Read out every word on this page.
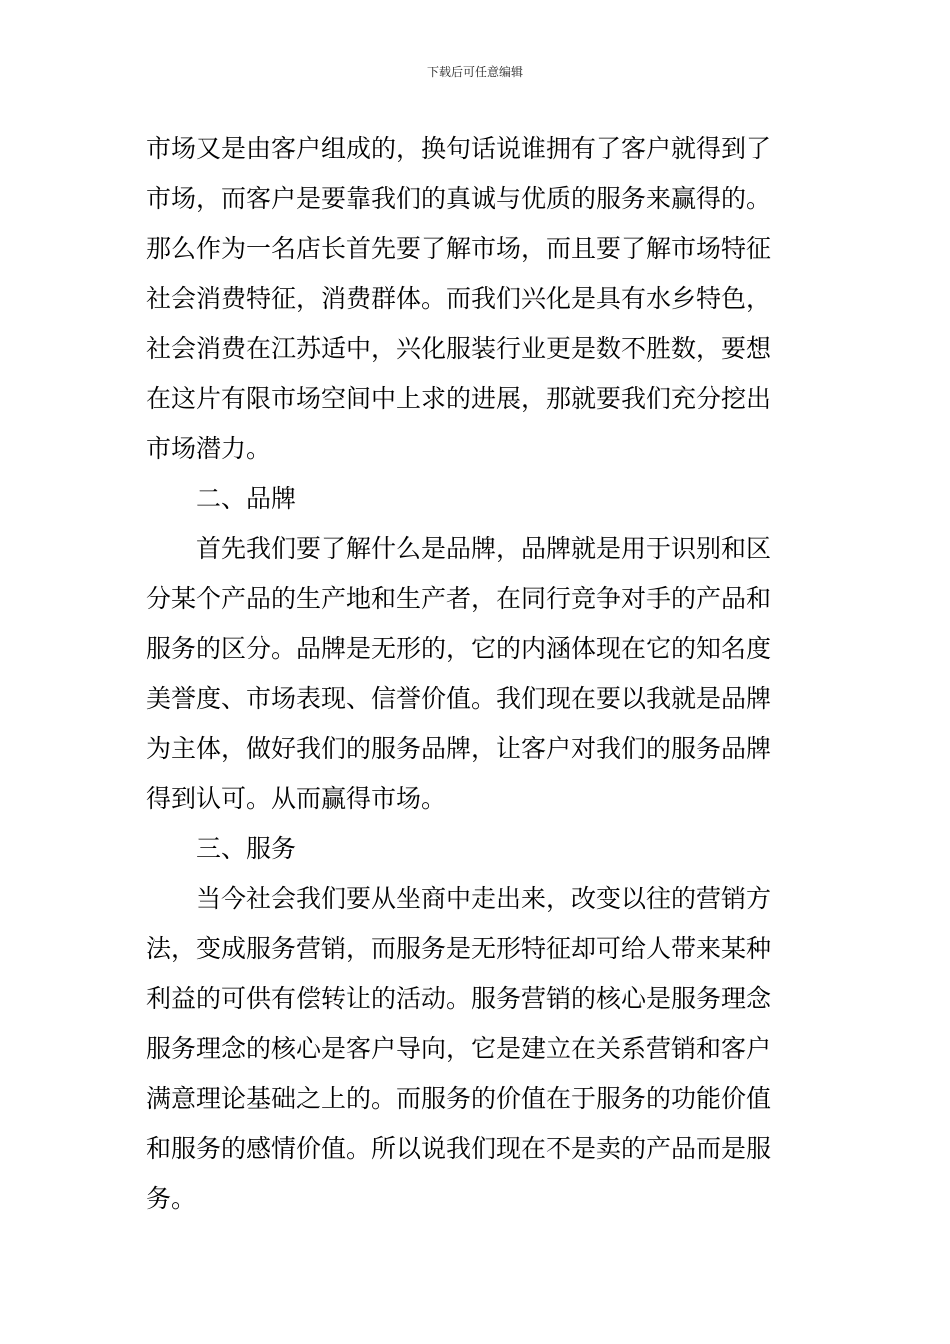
下载后可任意编辑
市场又是由客户组成的，换句话说谁拥有了客户就得到了
市场，而客户是要靠我们的真诚与优质的服务来赢得的。
那么作为一名店长首先要了解市场，而且要了解市场特征
社会消费特征，消费群体。而我们兴化是具有水乡特色，
社会消费在江苏适中，兴化服装行业更是数不胜数，要想
在这片有限市场空间中上求的进展，那就要我们充分挖出
市场潜力。
二、品牌
首先我们要了解什么是品牌，品牌就是用于识别和区
分某个产品的生产地和生产者，在同行竞争对手的产品和
服务的区分。品牌是无形的，它的内涵体现在它的知名度
美誉度、市场表现、信誉价值。我们现在要以我就是品牌
为主体，做好我们的服务品牌，让客户对我们的服务品牌
得到认可。从而赢得市场。
三、服务
当今社会我们要从坐商中走出来，改变以往的营销方
法，变成服务营销，而服务是无形特征却可给人带来某种
利益的可供有偿转让的活动。服务营销的核心是服务理念
服务理念的核心是客户导向，它是建立在关系营销和客户
满意理论基础之上的。而服务的价值在于服务的功能价值
和服务的感情价值。所以说我们现在不是卖的产品而是服
务。
